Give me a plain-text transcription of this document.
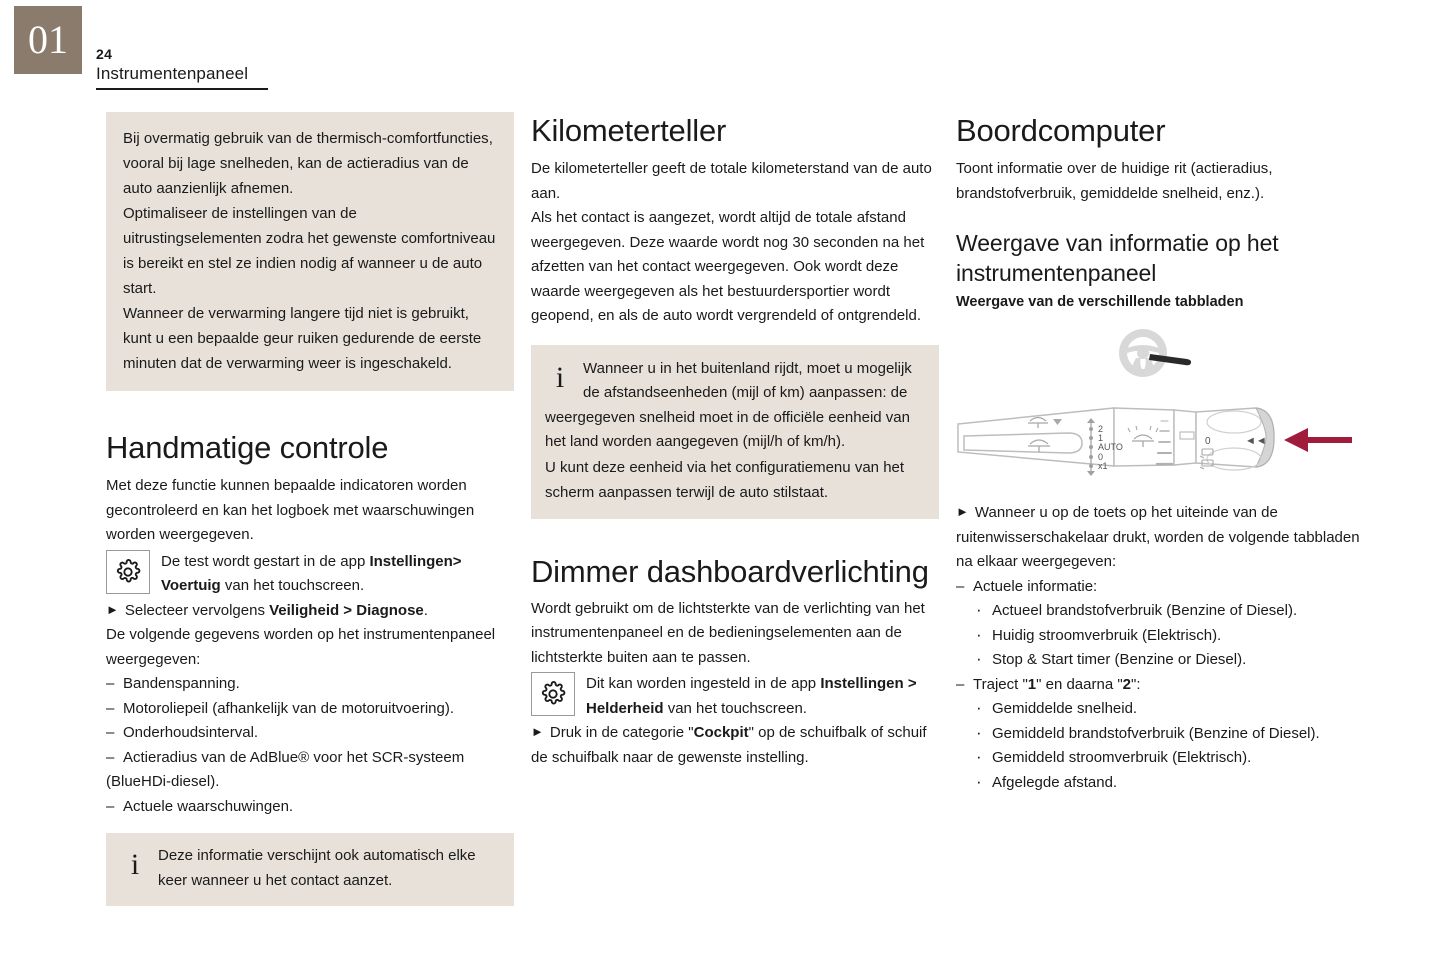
01	24
Instrumentenpaneel

Bij overmatig gebruik van de thermisch-comfortfuncties, vooral bij lage snelheden, kan de actieradius van de auto aanzienlijk afnemen.

Optimaliseer de instellingen van de uitrustingselementen zodra het gewenste comfortniveau is bereikt en stel ze indien nodig af wanneer u de auto start.

Wanneer de verwarming langere tijd niet is gebruikt, kunt u een bepaalde geur ruiken gedurende de eerste minuten dat de verwarming weer is ingeschakeld.

Handmatige controle

Met deze functie kunnen bepaalde indicatoren worden gecontroleerd en kan het logboek met waarschuwingen worden weergegeven.

De test wordt gestart in de app Instellingen> Voertuig van het touchscreen.
► Selecteer vervolgens Veiligheid > Diagnose.

De volgende gegevens worden op het instrumentenpaneel weergegeven:

– Bandenspanning.
– Motoroliepeil (afhankelijk van de motoruitvoering).
– Onderhoudsinterval.
– Actieradius van de AdBlue® voor het SCR-systeem
(BlueHDi-diesel).
– Actuele waarschuwingen.
i	Deze informatie verschijnt ook automatisch elke keer wanneer u het contact aanzet.
Kilometerteller

De kilometerteller geeft de totale kilometerstand van de auto aan.

Als het contact is aangezet, wordt altijd de totale afstand weergegeven. Deze waarde wordt nog 30 seconden na het afzetten van het contact weergegeven. Ook wordt deze waarde weergegeven als het bestuurdersportier wordt geopend, en als de auto wordt vergrendeld of ontgrendeld.

i	Wanneer u in het buitenland rijdt, moet u mogelijk de afstandseenheden (mijl of km) aanpassen: de weergegeven snelheid moet in de officiële eenheid van het land worden aangegeven (mijl/h of km/h).

U kunt deze eenheid via het configuratiemenu van het scherm aanpassen terwijl de auto stilstaat.

Dimmer dashboardverlichting

Wordt gebruikt om de lichtsterkte van de verlichting van het instrumentenpaneel en de bedieningselementen aan de lichtsterkte buiten aan te passen.

Dit kan worden ingesteld in de app Instellingen > Helderheid van het touchscreen.
► Druk in de categorie "Cockpit" op de schuifbalk of schuif de schuifbalk naar de gewenste instelling.
Boordcomputer

Toont informatie over de huidige rit (actieradius, brandstofverbruik, gemiddelde snelheid, enz.).

Weergave van informatie op het instrumentenpaneel
Weergave van de verschillende tabbladen
2
1
AUTO
0
x1
0	◄◄
► Wanneer u op de toets op het uiteinde van de ruitenwisserschakelaar drukt, worden de volgende tabbladen na elkaar weergegeven:
– Actuele informatie:
· Actueel brandstofverbruik (Benzine of Diesel).
· Huidig stroomverbruik (Elektrisch).
· Stop & Start timer (Benzine or Diesel).
– Traject "1" en daarna "2":
· Gemiddelde snelheid.
· Gemiddeld brandstofverbruik (Benzine of Diesel).
· Gemiddeld stroomverbruik (Elektrisch).
· Afgelegde afstand.
